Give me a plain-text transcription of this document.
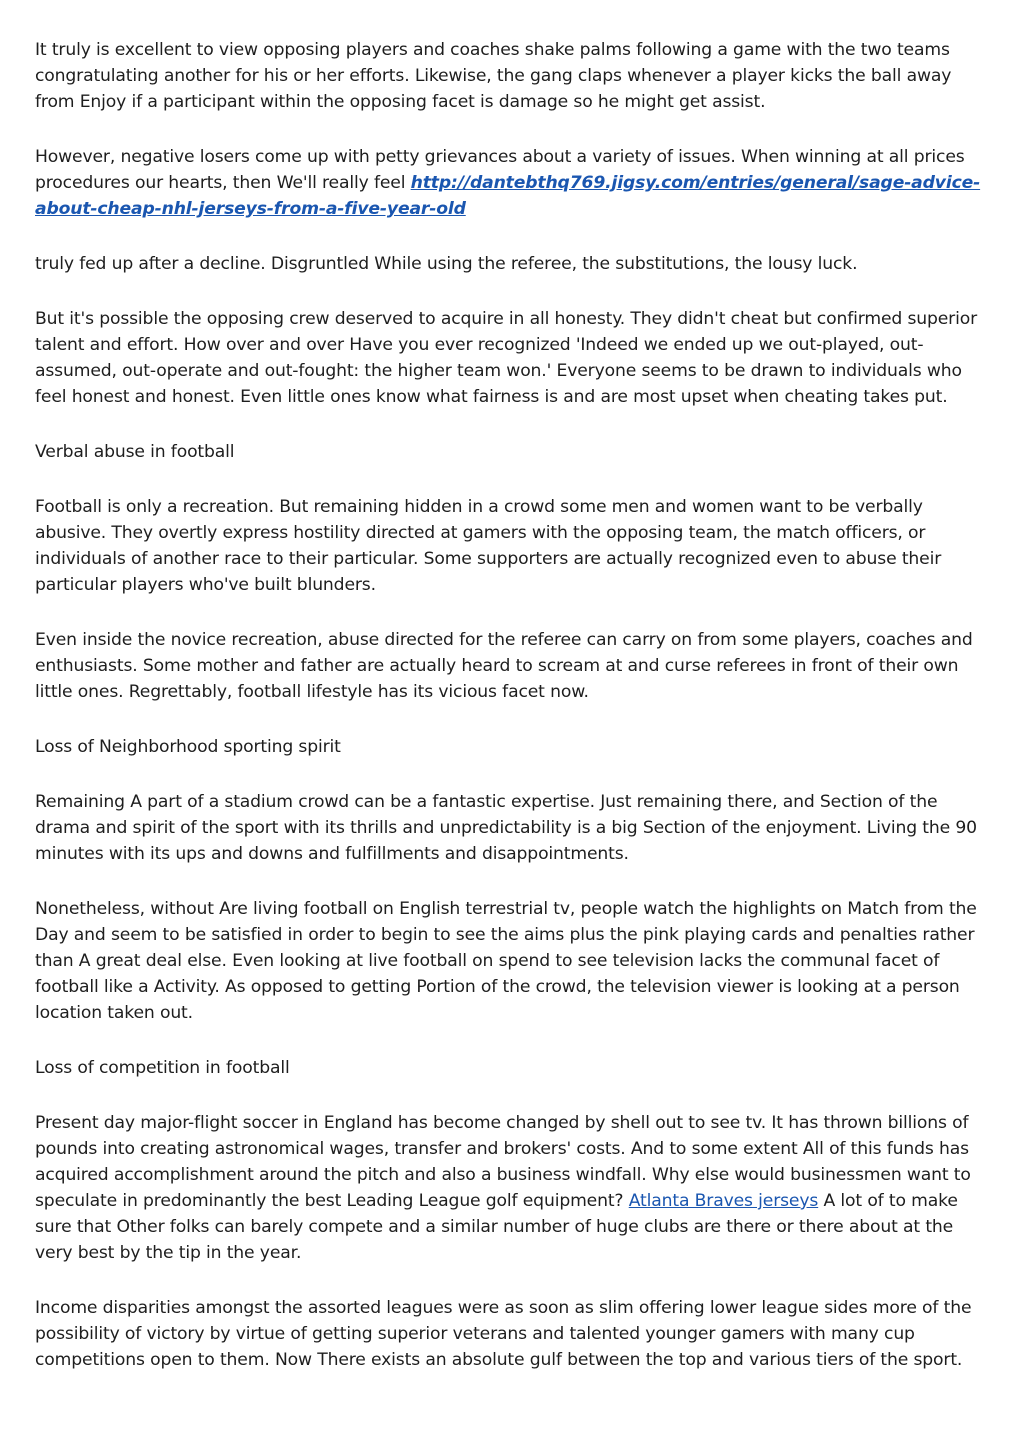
It truly is excellent to view opposing players and coaches shake palms following a game with the two teams congratulating another for his or her efforts. Likewise, the gang claps whenever a player kicks the ball away from Enjoy if a participant within the opposing facet is damage so he might get assist.

However, negative losers come up with petty grievances about a variety of issues. When winning at all prices procedures our hearts, then We'll really feel http://dantebthq769.jigsy.com/entries/general/sage-advice-about-cheap-nhl-jerseys-from-a-five-year-old

truly fed up after a decline. Disgruntled While using the referee, the substitutions, the lousy luck.

But it's possible the opposing crew deserved to acquire in all honesty. They didn't cheat but confirmed superior talent and effort. How over and over Have you ever recognized 'Indeed we ended up we out-played, out-assumed, out-operate and out-fought: the higher team won.' Everyone seems to be drawn to individuals who feel honest and honest. Even little ones know what fairness is and are most upset when cheating takes put.

Verbal abuse in football

Football is only a recreation. But remaining hidden in a crowd some men and women want to be verbally abusive. They overtly express hostility directed at gamers with the opposing team, the match officers, or individuals of another race to their particular. Some supporters are actually recognized even to abuse their particular players who've built blunders.

Even inside the novice recreation, abuse directed for the referee can carry on from some players, coaches and enthusiasts. Some mother and father are actually heard to scream at and curse referees in front of their own little ones. Regrettably, football lifestyle has its vicious facet now.

Loss of Neighborhood sporting spirit

Remaining A part of a stadium crowd can be a fantastic expertise. Just remaining there, and Section of the drama and spirit of the sport with its thrills and unpredictability is a big Section of the enjoyment. Living the 90 minutes with its ups and downs and fulfillments and disappointments.

Nonetheless, without Are living football on English terrestrial tv, people watch the highlights on Match from the Day and seem to be satisfied in order to begin to see the aims plus the pink playing cards and penalties rather than A great deal else. Even looking at live football on spend to see television lacks the communal facet of football like a Activity. As opposed to getting Portion of the crowd, the television viewer is looking at a person location taken out.

Loss of competition in football

Present day major-flight soccer in England has become changed by shell out to see tv. It has thrown billions of pounds into creating astronomical wages, transfer and brokers' costs. And to some extent All of this funds has acquired accomplishment around the pitch and also a business windfall. Why else would businessmen want to speculate in predominantly the best Leading League golf equipment? Atlanta Braves jerseys A lot of to make sure that Other folks can barely compete and a similar number of huge clubs are there or there about at the very best by the tip in the year.

Income disparities amongst the assorted leagues were as soon as slim offering lower league sides more of the possibility of victory by virtue of getting superior veterans and talented younger gamers with many cup competitions open to them. Now There exists an absolute gulf between the top and various tiers of the sport.
